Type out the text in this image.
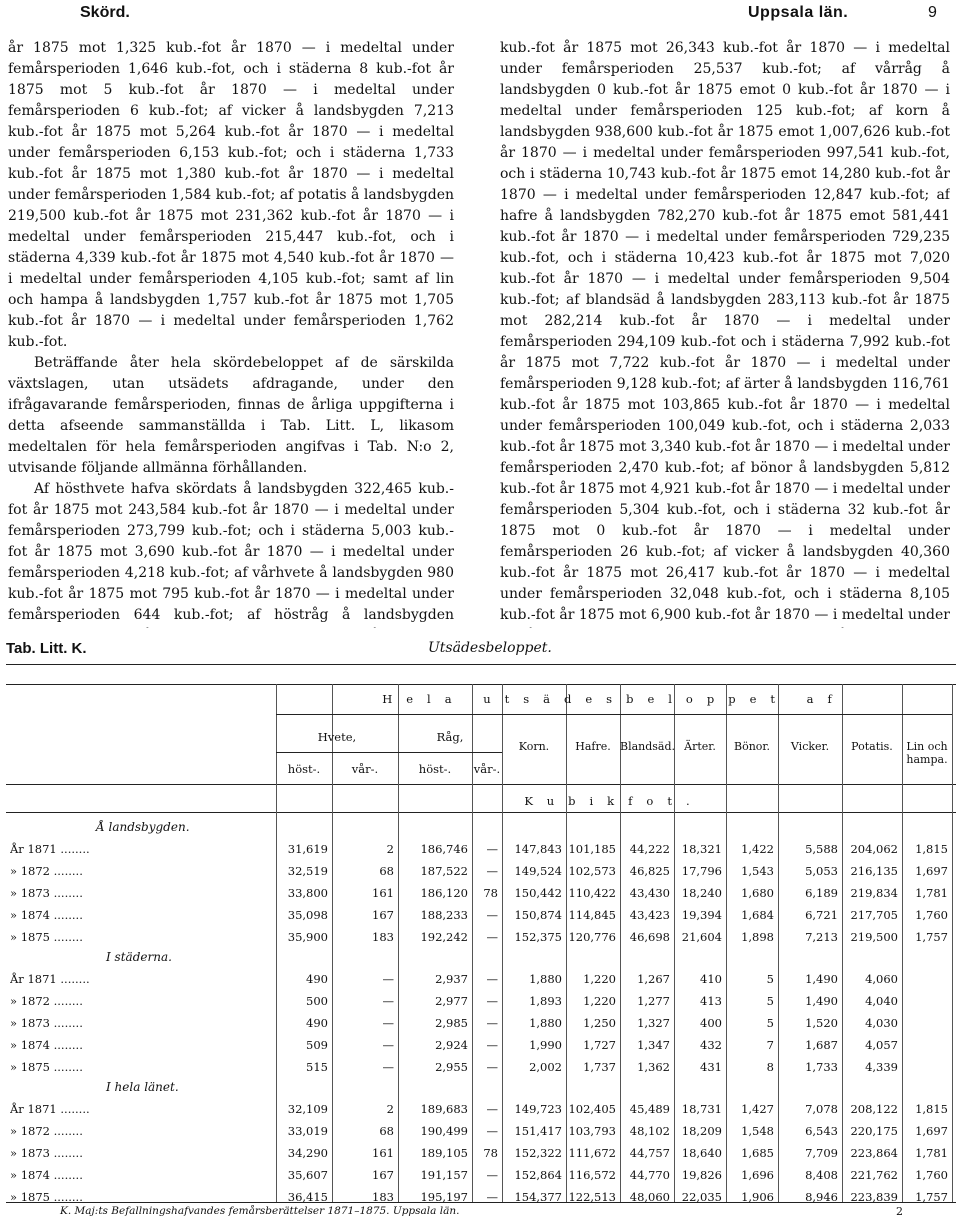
Skörd.	Uppsala län.	9

år 1875 mot 1,325 kub.-fot år 1870 — i medeltal under femårsperioden 1,646 kub.-fot, och i städerna 8 kub.-fot år 1875 mot 5 kub.-fot år 1870 — i medeltal under femårsperioden 6 kub.-fot; af vicker å landsbygden 7,213 kub.-fot år 1875 mot 5,264 kub.-fot år 1870 — i medeltal under femårsperioden 6,153 kub.-fot; och i städerna 1,733 kub.-fot år 1875 mot 1,380 kub.-fot år 1870 — i medeltal under femårsperioden 1,584 kub.-fot; af potatis å landsbygden 219,500 kub.-fot år 1875 mot 231,362 kub.-fot år 1870 — i medeltal under femårsperioden 215,447 kub.-fot, och i städerna 4,339 kub.-fot år 1875 mot 4,540 kub.-fot år 1870 — i medeltal under femårsperioden 4,105 kub.-fot; samt af lin och hampa å landsbygden 1,757 kub.-fot år 1875 mot 1,705 kub.-fot år 1870 — i medeltal under femårsperioden 1,762 kub.-fot.

Beträffande åter hela skördebeloppet af de särskilda växtslagen, utan utsädets afdragande, under den ifrågavarande femårsperioden, finnas de årliga uppgifterna i detta afseende sammanställda i Tab. Litt. L, likasom medeltalen för hela femårsperioden angifvas i Tab. N:o 2, utvisande följande allmänna förhållanden.

Af hösthvete hafva skördats å landsbygden 322,465 kub.-fot år 1875 mot 243,584 kub.-fot år 1870 — i medeltal under femårsperioden 273,799 kub.-fot; och i städerna 5,003 kub.-fot år 1875 mot 3,690 kub.-fot år 1870 — i medeltal under femårsperioden 4,218 kub.-fot; af vårhvete å landsbygden 980 kub.-fot år 1875 mot 795 kub.-fot år 1870 — i medeltal under femårsperioden 644 kub.-fot; af höstråg å landsbygden

kub.-fot år 1875 mot 26,343 kub.-fot år 1870 — i medeltal under femårsperioden 25,537 kub.-fot; af vårråg å landsbygden 0 kub.-fot år 1875 emot 0 kub.-fot år 1870 — i medeltal under femårsperioden 125 kub.-fot; af korn å landsbygden 938,600 kub.-fot år 1875 emot 1,007,626 kub.-fot år 1870 — i medeltal under femårsperioden 997,541 kub.-fot, och i städerna 10,743 kub.-fot år 1875 emot 14,280 kub.-fot år 1870 — i medeltal under femårsperioden 12,847 kub.-fot; af hafre å landsbygden 782,270 kub.-fot år 1875 emot 581,441 kub.-fot år 1870 — i medeltal under femårsperioden 729,235 kub.-fot, och i städerna 10,423 kub.-fot år 1875 mot 7,020 kub.-fot år 1870 — i medeltal under femårsperioden 9,504 kub.-fot; af blandsäd å landsbygden 283,113 kub.-fot år 1875 mot 282,214 kub.-fot år 1870 — i medeltal under femårsperioden 294,109 kub.-fot och i städerna 7,992 kub.-fot år 1875 mot 7,722 kub.-fot år 1870 — i medeltal under femårsperioden 9,128 kub.-fot; af ärter å landsbygden 116,761 kub.-fot år 1875 mot 103,865 kub.-fot år 1870 — i medeltal under femårsperioden 100,049 kub.-fot, och i städerna 2,033 kub.-fot år 1875 mot 3,340 kub.-fot år 1870 — i medeltal under femårsperioden 2,470 kub.-fot; af bönor å landsbygden 5,812 kub.-fot år 1875 mot 4,921 kub.-fot år 1870 — i medeltal under femårsperioden 5,304 kub.-fot, och i städerna 32 kub.-fot år 1875 mot 0 kub.-fot år 1870 — i medeltal under femårsperioden 26 kub.-fot; af vicker å landsbygden 40,360 kub.-fot år 1875 mot 26,417 kub.-fot år 1870 — i medeltal under femårsperioden 32,048 kub.-fot, och i städerna 8,105 kub.-fot år 1875 mot 6,900 kub.-fot år 1870 — i medeltal under

Tab. Litt. K.	Utsädesbeloppet.
Hela utsädesbeloppet af
Hvete,	Råg,
höst-.	vår-.	höst-.	vår-.
Korn.	Hafre. Blandsäd. Ärter.	Bönor.	Vicker.	Potatis.	Lin och hampa.
Kubikfot.
Å landsbygden.
År 1871 ........	31,619	2	186,746	—	147,843 101,185	44,222	18,321	1,422	5,588	204,062	1,815
» 1872 ........	32,519	68	187,522	—	149,524 102,573	46,825	17,796	1,543	5,053	216,135	1,697
» 1873 ........	33,800	161	186,120	78	150,442 110,422	43,430	18,240	1,680	6,189	219,834	1,781
» 1874 ........	35,098	167	188,233	—	150,874 114,845	43,423	19,394	1,684	6,721	217,705	1,760
» 1875 ........	35,900	183	192,242	—	152,375 120,776	46,698	21,604	1,898	7,213	219,500	1,757
I städerna.
År 1871 ........	490	—	2,937	—	1,880	1,220	1,267	410	5	1,490	4,060
» 1872 ........	500	—	2,977	—	1,893	1,220	1,277	413	5	1,490	4,040
» 1873 ........	490	—	2,985	—	1,880	1,250	1,327	400	5	1,520	4,030
» 1874 ........	509	—	2,924	—	1,990	1,727	1,347	432	7	1,687	4,057
» 1875 ........	515	—	2,955	—	2,002	1,737	1,362	431	8	1,733	4,339
I hela länet.
År 1871 ........	32,109	2	189,683	—	149,723 102,405	45,489	18,731	1,427	7,078	208,122	1,815
» 1872 ........	33,019	68	190,499	—	151,417 103,793	48,102	18,209	1,548	6,543	220,175	1,697
» 1873 ........	34,290	161	189,105	78	152,322 111,672	44,757	18,640	1,685	7,709	223,864	1,781
» 1874 ........	35,607	167	191,157	—	152,864 116,572	44,770	19,826	1,696	8,408	221,762	1,760
» 1875 ........	36,415	183	195,197	—	154,377 122,513	48,060	22,035	1,906	8,946	223,839	1,757
K. Maj:ts Befallningshafvandes femårsberättelser 1871–1875. Uppsala län.	2
